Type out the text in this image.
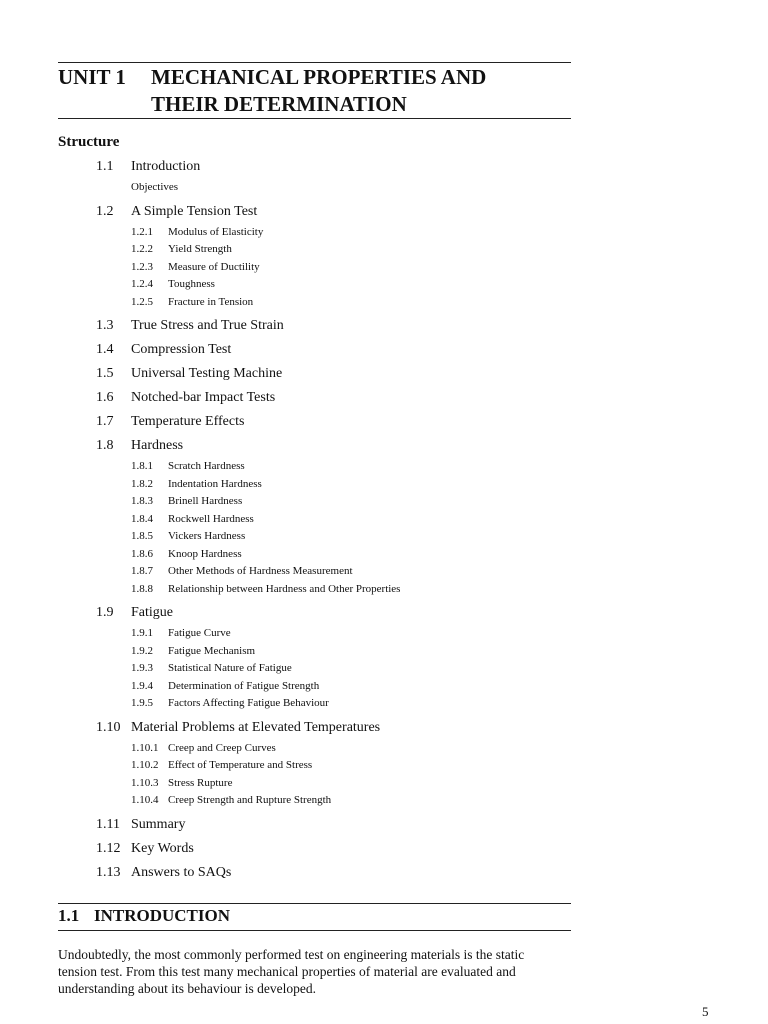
UNIT 1 MECHANICAL PROPERTIES AND
THEIR DETERMINATION
Structure
1.1 Introduction
Objectives
1.2 A Simple Tension Test
1.2.1 Modulus of Elasticity
1.2.2 Yield Strength
1.2.3 Measure of Ductility
1.2.4 Toughness
1.2.5 Fracture in Tension
1.3 True Stress and True Strain
1.4 Compression Test
1.5 Universal Testing Machine
1.6 Notched-bar Impact Tests
1.7 Temperature Effects
1.8 Hardness
1.8.1 Scratch Hardness
1.8.2 Indentation Hardness
1.8.3 Brinell Hardness
1.8.4 Rockwell Hardness
1.8.5 Vickers Hardness
1.8.6 Knoop Hardness
1.8.7 Other Methods of Hardness Measurement
1.8.8 Relationship between Hardness and Other Properties
1.9 Fatigue
1.9.1 Fatigue Curve
1.9.2 Fatigue Mechanism
1.9.3 Statistical Nature of Fatigue
1.9.4 Determination of Fatigue Strength
1.9.5 Factors Affecting Fatigue Behaviour
1.10 Material Problems at Elevated Temperatures
1.10.1 Creep and Creep Curves
1.10.2 Effect of Temperature and Stress
1.10.3 Stress Rupture
1.10.4 Creep Strength and Rupture Strength
1.11 Summary
1.12 Key Words
1.13 Answers to SAQs
1.1 INTRODUCTION
Undoubtedly, the most commonly performed test on engineering materials is the static tension test. From this test many mechanical properties of material are evaluated and understanding about its behaviour is developed.
5
